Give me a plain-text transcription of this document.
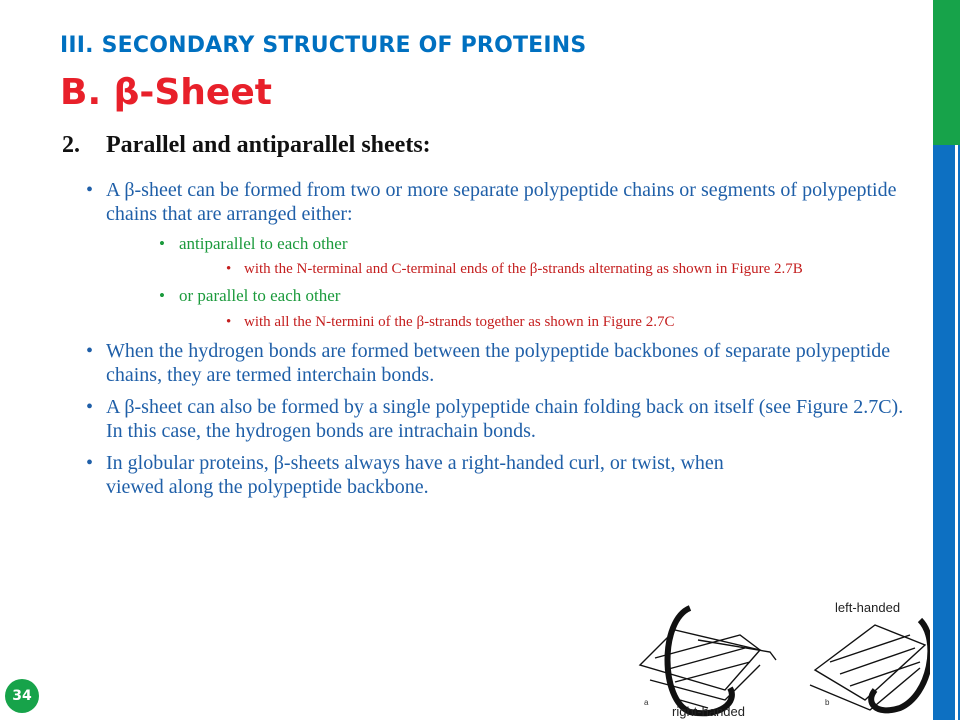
III. SECONDARY STRUCTURE OF PROTEINS
B. β-Sheet
2. Parallel and antiparallel sheets:
• A β-sheet can be formed from two or more separate polypeptide chains or segments of polypeptide chains that are arranged either:
• antiparallel to each other
• with the N-terminal and C-terminal ends of the β-strands alternating as shown in Figure 2.7B
• or parallel to each other
• with all the N-termini of the β-strands together as shown in Figure 2.7C
• When the hydrogen bonds are formed between the polypeptide backbones of separate polypeptide chains, they are termed interchain bonds.
• A β-sheet can also be formed by a single polypeptide chain folding back on itself (see Figure 2.7C). In this case, the hydrogen bonds are intrachain bonds.
• In globular proteins, β-sheets always have a right-handed curl, or twist, when viewed along the polypeptide backbone.
left-handed
right-handed
a	b
34
